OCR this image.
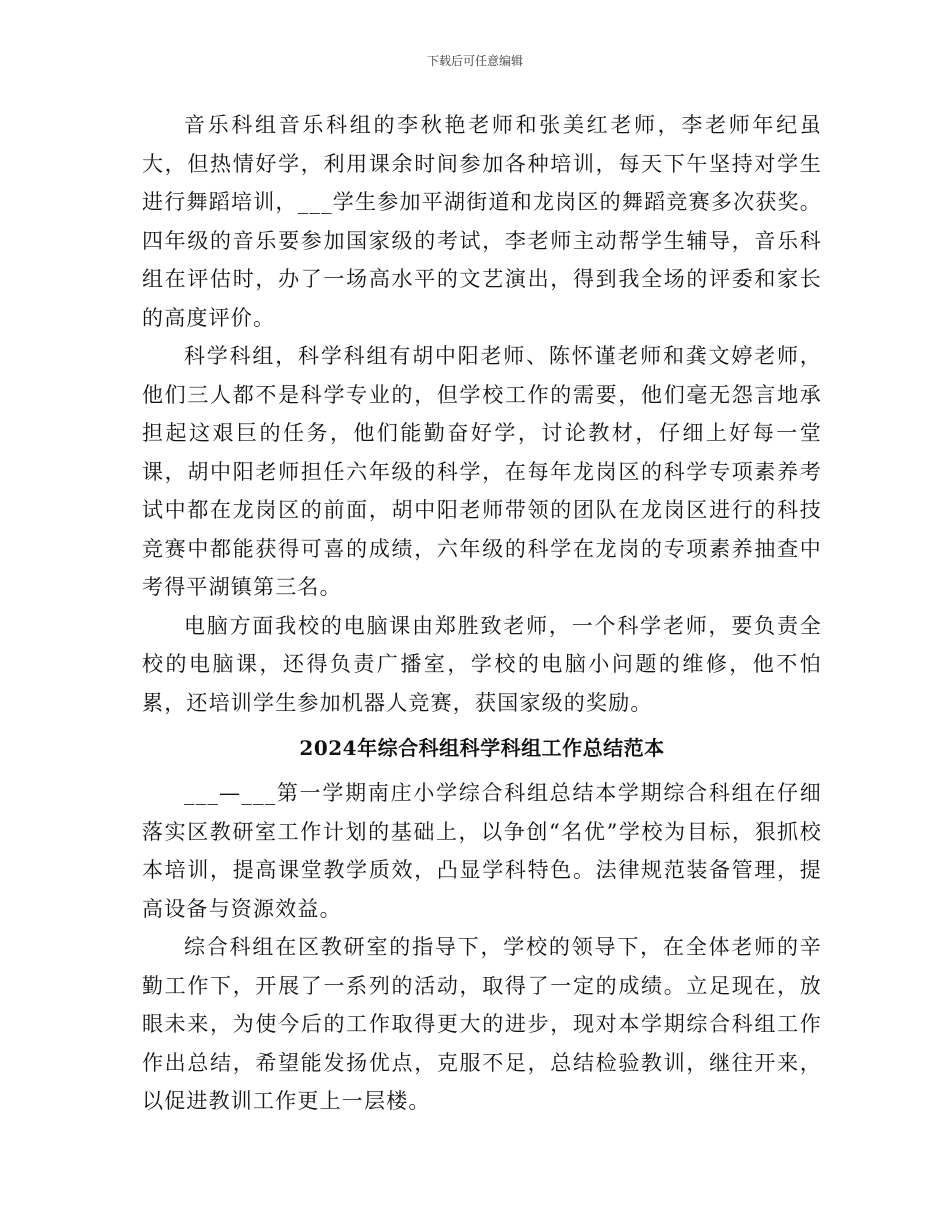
下载后可任意编辑

音乐科组音乐科组的李秋艳老师和张美红老师，李老师年纪虽大，但热情好学，利用课余时间参加各种培训，每天下午坚持对学生进行舞蹈培训，___学生参加平湖街道和龙岗区的舞蹈竞赛多次获奖。四年级的音乐要参加国家级的考试，李老师主动帮学生辅导，音乐科组在评估时，办了一场高水平的文艺演出，得到我全场的评委和家长的高度评价。

科学科组，科学科组有胡中阳老师、陈怀谨老师和龚文婷老师，他们三人都不是科学专业的，但学校工作的需要，他们毫无怨言地承担起这艰巨的任务，他们能勤奋好学，讨论教材，仔细上好每一堂课，胡中阳老师担任六年级的科学，在每年龙岗区的科学专项素养考试中都在龙岗区的前面，胡中阳老师带领的团队在龙岗区进行的科技竞赛中都能获得可喜的成绩，六年级的科学在龙岗的专项素养抽查中考得平湖镇第三名。

电脑方面我校的电脑课由郑胜致老师，一个科学老师，要负责全校的电脑课，还得负责广播室，学校的电脑小问题的维修，他不怕累，还培训学生参加机器人竞赛，获国家级的奖励。

2024年综合科组科学科组工作总结范本

___—___第一学期南庄小学综合科组总结本学期综合科组在仔细落实区教研室工作计划的基础上，以争创“名优”学校为目标，狠抓校本培训，提高课堂教学质效，凸显学科特色。法律规范装备管理，提高设备与资源效益。

综合科组在区教研室的指导下，学校的领导下，在全体老师的辛勤工作下，开展了一系列的活动，取得了一定的成绩。立足现在，放眼未来，为使今后的工作取得更大的进步，现对本学期综合科组工作作出总结，希望能发扬优点，克服不足，总结检验教训，继往开来，以促进教训工作更上一层楼。
